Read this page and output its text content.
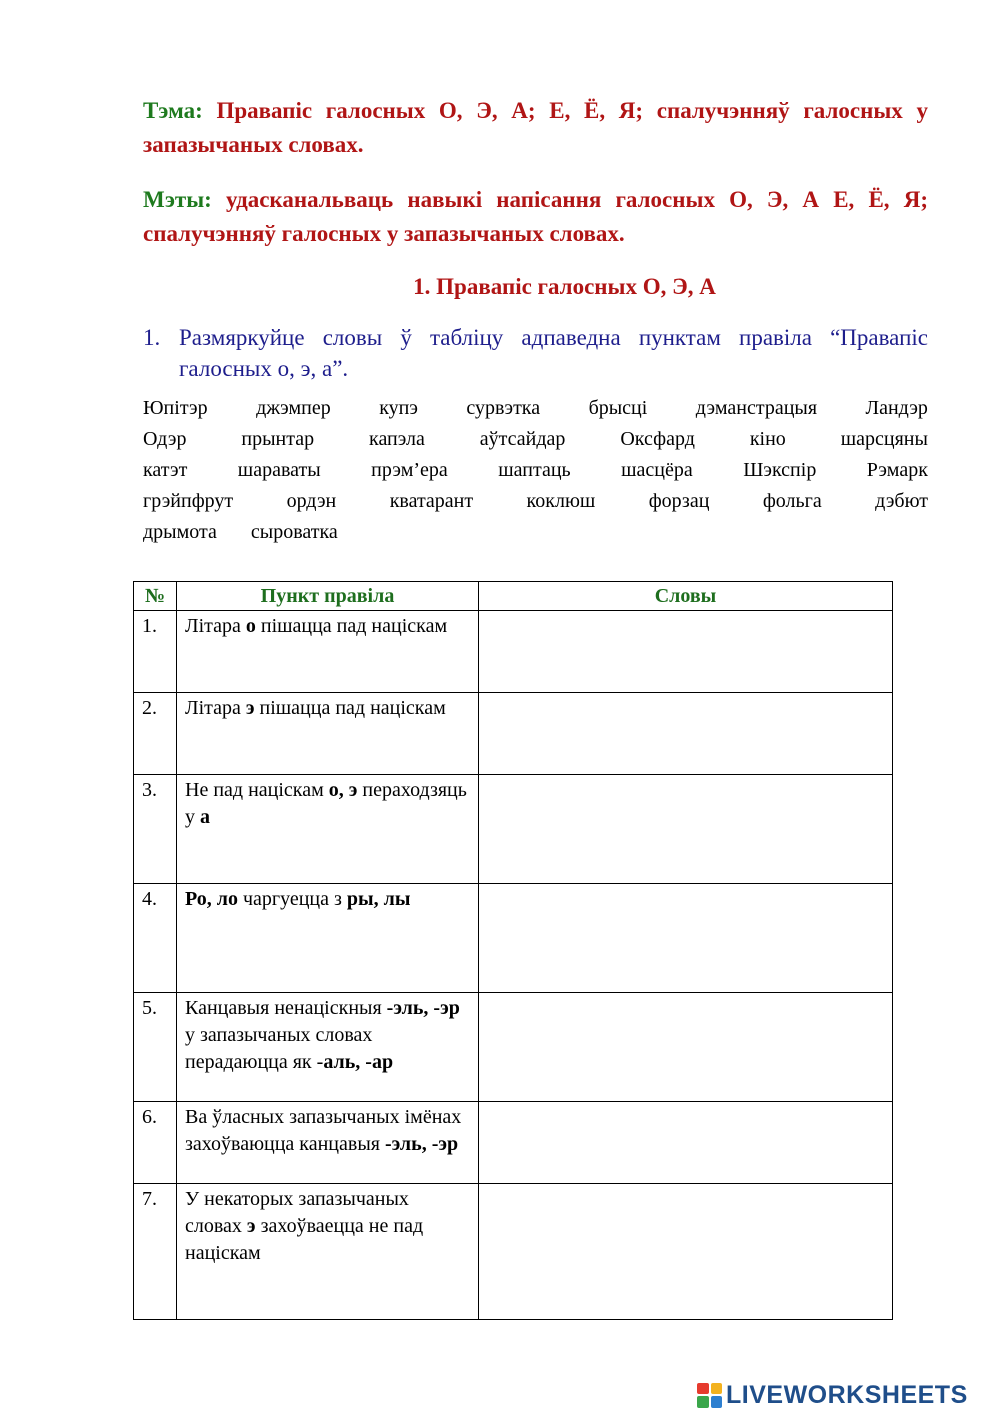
Тэма: Правапіс галосных О, Э, А; Е, Ё, Я; спалучэнняў галосных у запазычаных словах.
Мэты: удасканальваць навыкі напісання галосных О, Э, А Е, Ё, Я; спалучэнняў галосных у запазычаных словах.
1. Правапіс галосных О, Э, А
1. Размяркуйце словы ў табліцу адпаведна пунктам правіла “Правапіс галосных о, э, а”.
Юпітэр джэмпер купэ сурвэтка брысці дэманстрацыя Ландэр
Одэр	прынтар	капэла	аўтсайдар	Оксфард	кіно	шарсцяны
катэт	шараваты	прэм’ера	шаптаць	шасцёра	Шэкспір	Рэмарк
грэйпфрут	ордэн	кватарант	коклюш	форзац	фольга	дэбют
дрымота сыроватка
№	Пункт правіла	Словы
1.	Літара о пішацца пад націскам	
2.	Літара э пішацца пад націскам	
3.	Не пад націскам о, э пераходзяць у а	
4.	Ро, ло чаргуецца з ры, лы	
5.	Канцавыя ненаціскныя -эль, -эр у запазычаных словах перадаюцца як -аль, -ар	
6.	Ва ўласных запазычаных імёнах захоўваюцца канцавыя -эль, -эр	
7.	У некаторых запазычаных словах э захоўваецца не пад націскам	
LIVEWORKSHEETS
